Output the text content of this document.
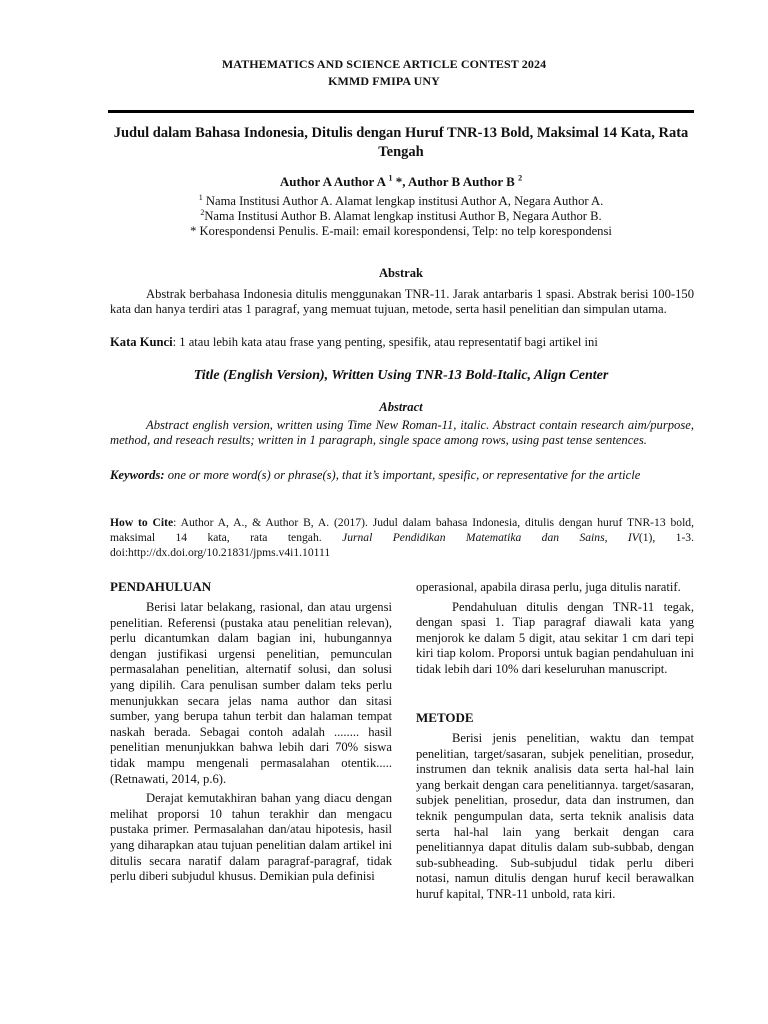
MATHEMATICS AND SCIENCE ARTICLE CONTEST 2024
KMMD FMIPA UNY
Judul dalam Bahasa Indonesia, Ditulis dengan Huruf TNR-13 Bold, Maksimal 14 Kata, Rata Tengah
Author A Author A $^1$ *, Author B Author B $^2$
$^1$ Nama Institusi Author A. Alamat lengkap institusi Author A, Negara Author A.
$^2$Nama Institusi Author B. Alamat lengkap institusi Author B, Negara Author B.
* Korespondensi Penulis. E-mail: email korespondensi, Telp: no telp korespondensi
Abstrak
Abstrak berbahasa Indonesia ditulis menggunakan TNR-11. Jarak antarbaris 1 spasi. Abstrak berisi 100-150 kata dan hanya terdiri atas 1 paragraf, yang memuat tujuan, metode, serta hasil penelitian dan simpulan utama.
Kata Kunci: 1 atau lebih kata atau frase yang penting, spesifik, atau representatif bagi artikel ini
Title (English Version), Written Using TNR-13 Bold-Italic, Align Center
Abstract
Abstract english version, written using Time New Roman-11, italic. Abstract contain research aim/purpose, method, and reseach results; written in 1 paragraph, single space among rows, using past tense sentences.
Keywords: one or more word(s) or phrase(s), that it’s important, spesific, or representative for the article
How to Cite: Author A, A., & Author B, A. (2017). Judul dalam bahasa Indonesia, ditulis dengan huruf TNR-13 bold, maksimal 14 kata, rata tengah. Jurnal Pendidikan Matematika dan Sains, IV(1), 1-3. doi:http://dx.doi.org/10.21831/jpms.v4i1.10111
PENDAHULUAN

Berisi latar belakang, rasional, dan atau urgensi penelitian. Referensi (pustaka atau penelitian relevan), perlu dicantumkan dalam bagian ini, hubungannya dengan justifikasi urgensi penelitian, pemunculan permasalahan penelitian, alternatif solusi, dan solusi yang dipilih. Cara penulisan sumber dalam teks perlu menunjukkan secara jelas nama author dan sitasi sumber, yang berupa tahun terbit dan halaman tempat naskah berada. Sebagai contoh adalah ........ hasil penelitian menunjukkan bahwa lebih dari 70% siswa tidak mampu mengenali permasalahan otentik..... (Retnawati, 2014, p.6).

Derajat kemutakhiran bahan yang diacu dengan melihat proporsi 10 tahun terakhir dan mengacu pustaka primer. Permasalahan dan/atau hipotesis, hasil yang diharapkan atau tujuan penelitian dalam artikel ini ditulis secara naratif dalam paragraf-paragraf, tidak perlu diberi subjudul khusus. Demikian pula definisi

operasional, apabila dirasa perlu, juga ditulis naratif.

Pendahuluan ditulis dengan TNR-11 tegak, dengan spasi 1. Tiap paragraf diawali kata yang menjorok ke dalam 5 digit, atau sekitar 1 cm dari tepi kiri tiap kolom. Proporsi untuk bagian pendahuluan ini tidak lebih dari 10% dari keseluruhan manuscript.

METODE

Berisi jenis penelitian, waktu dan tempat penelitian, target/sasaran, subjek penelitian, prosedur, instrumen dan teknik analisis data serta hal-hal lain yang berkait dengan cara penelitiannya. target/sasaran, subjek penelitian, prosedur, data dan instrumen, dan teknik pengumpulan data, serta teknik analisis data serta hal-hal lain yang berkait dengan cara penelitiannya dapat ditulis dalam sub-subbab, dengan sub-subheading. Sub-subjudul tidak perlu diberi notasi, namun ditulis dengan huruf kecil berawalkan huruf kapital, TNR-11 unbold, rata kiri.
